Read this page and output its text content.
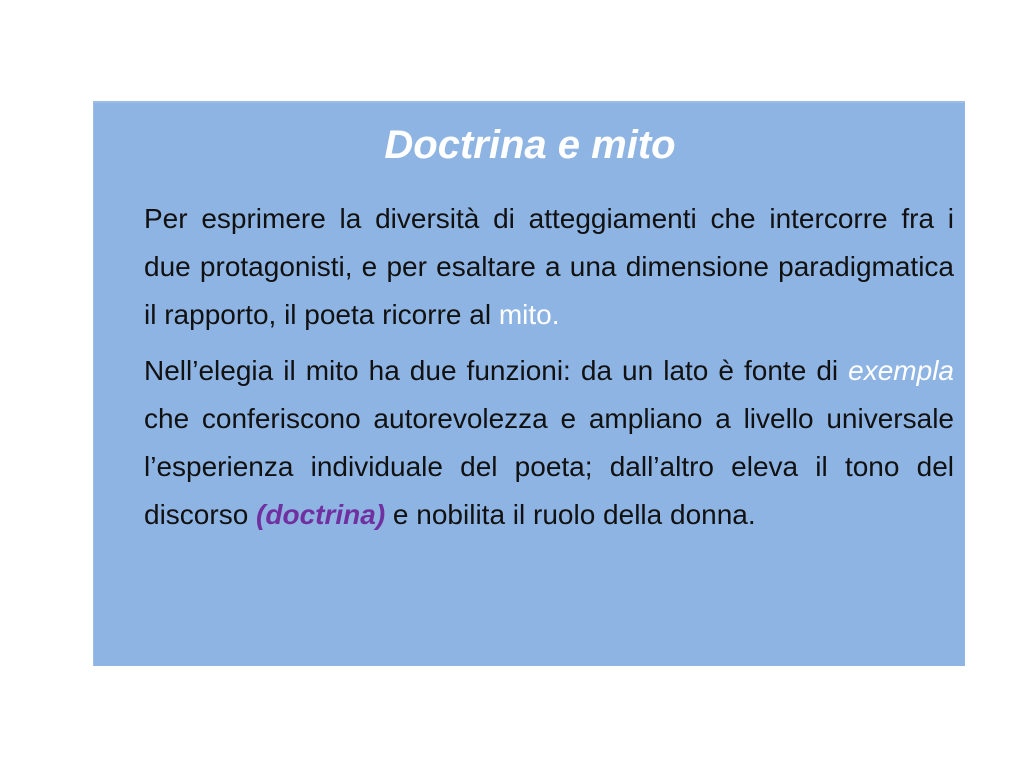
Doctrina e mito

Per esprimere la diversità di atteggiamenti che intercorre fra i due protagonisti, e per esaltare a una dimensione paradigmatica il rapporto, il poeta ricorre al mito.

Nell’elegia il mito ha due funzioni: da un lato è fonte di exempla che conferiscono autorevolezza e ampliano a livello universale l’esperienza individuale del poeta; dall’altro eleva il tono del discorso (doctrina) e nobilita il ruolo della donna.
